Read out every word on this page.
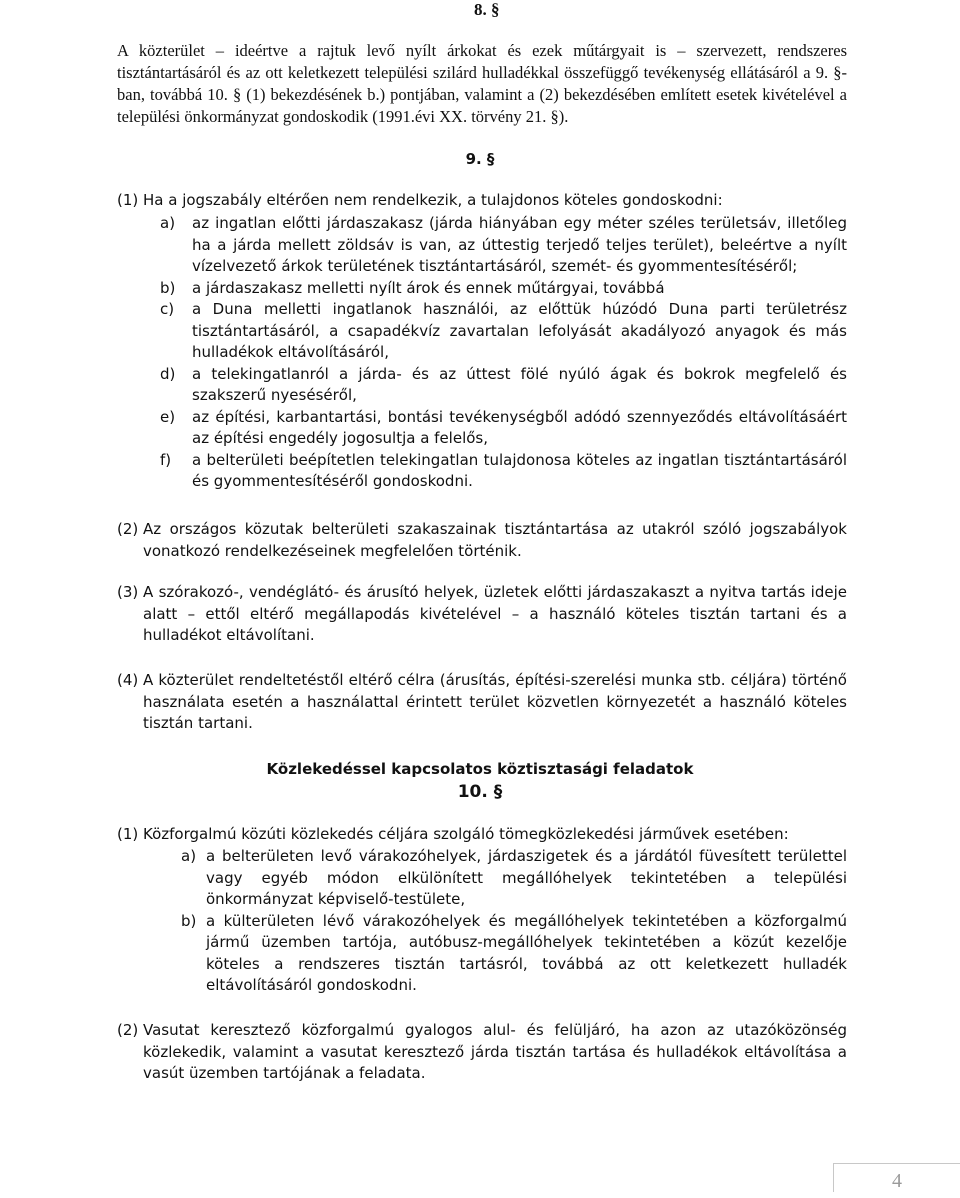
8. §
A közterület – ideértve a rajtuk levő nyílt árkokat és ezek műtárgyait is – szervezett, rendszeres tisztántartásáról és az ott keletkezett települési szilárd hulladékkal összefüggő tevékenység ellátásáról a 9. §-ban, továbbá 10. § (1) bekezdésének b.) pontjában, valamint a (2) bekezdésében említett esetek kivételével a települési önkormányzat gondoskodik (1991.évi XX. törvény 21. §).
9. §
(1) Ha a jogszabály eltérően nem rendelkezik, a tulajdonos köteles gondoskodni:
a) az ingatlan előtti járdaszakasz (járda hiányában egy méter széles területsáv, illetőleg ha a járda mellett zöldsáv is van, az úttestig terjedő teljes terület), beleértve a nyílt vízelvezető árkok területének tisztántartásáról, szemét- és gyommentesítéséről;
b) a járdaszakasz melletti nyílt árok és ennek műtárgyai, továbbá
c) a Duna melletti ingatlanok használói, az előttük húzódó Duna parti területrész tisztántartásáról, a csapadékvíz zavartalan lefolyását akadályozó anyagok és más hulladékok eltávolításáról,
d) a telekingatlanról a járda- és az úttest fölé nyúló ágak és bokrok megfelelő és szakszerű nyeséséről,
e) az építési, karbantartási, bontási tevékenységből adódó szennyeződés eltávolításáért az építési engedély jogosultja a felelős,
f) a belterületi beépítetlen telekingatlan tulajdonosa köteles az ingatlan tisztántartásáról és gyommentesítéséről gondoskodni.
(2) Az országos közutak belterületi szakaszainak tisztántartása az utakról szóló jogszabályok vonatkozó rendelkezéseinek megfelelően történik.
(3) A szórakozó-, vendéglátó- és árusító helyek, üzletek előtti járdaszakaszt a nyitva tartás ideje alatt – ettől eltérő megállapodás kivételével – a használó köteles tisztán tartani és a hulladékot eltávolítani.
(4) A közterület rendeltetéstől eltérő célra (árusítás, építési-szerelési munka stb. céljára) történő használata esetén a használattal érintett terület közvetlen környezetét a használó köteles tisztán tartani.
Közlekedéssel kapcsolatos köztisztasági feladatok
10. §
(1) Közforgalmú közúti közlekedés céljára szolgáló tömegközlekedési járművek esetében:
a) a belterületen levő várakozóhelyek, járdaszigetek és a járdától füvesített területtel vagy egyéb módon elkülönített megállóhelyek tekintetében a települési önkormányzat képviselő-testülete,
b) a külterületen lévő várakozóhelyek és megállóhelyek tekintetében a közforgalmú jármű üzemben tartója, autóbusz-megállóhelyek tekintetében a közút kezelője köteles a rendszeres tisztán tartásról, továbbá az ott keletkezett hulladék eltávolításáról gondoskodni.
(2) Vasutat keresztező közforgalmú gyalogos alul- és felüljáró, ha azon az utazóközönség közlekedik, valamint a vasutat keresztező járda tisztán tartása és hulladékok eltávolítása a vasút üzemben tartójának a feladata.
4
